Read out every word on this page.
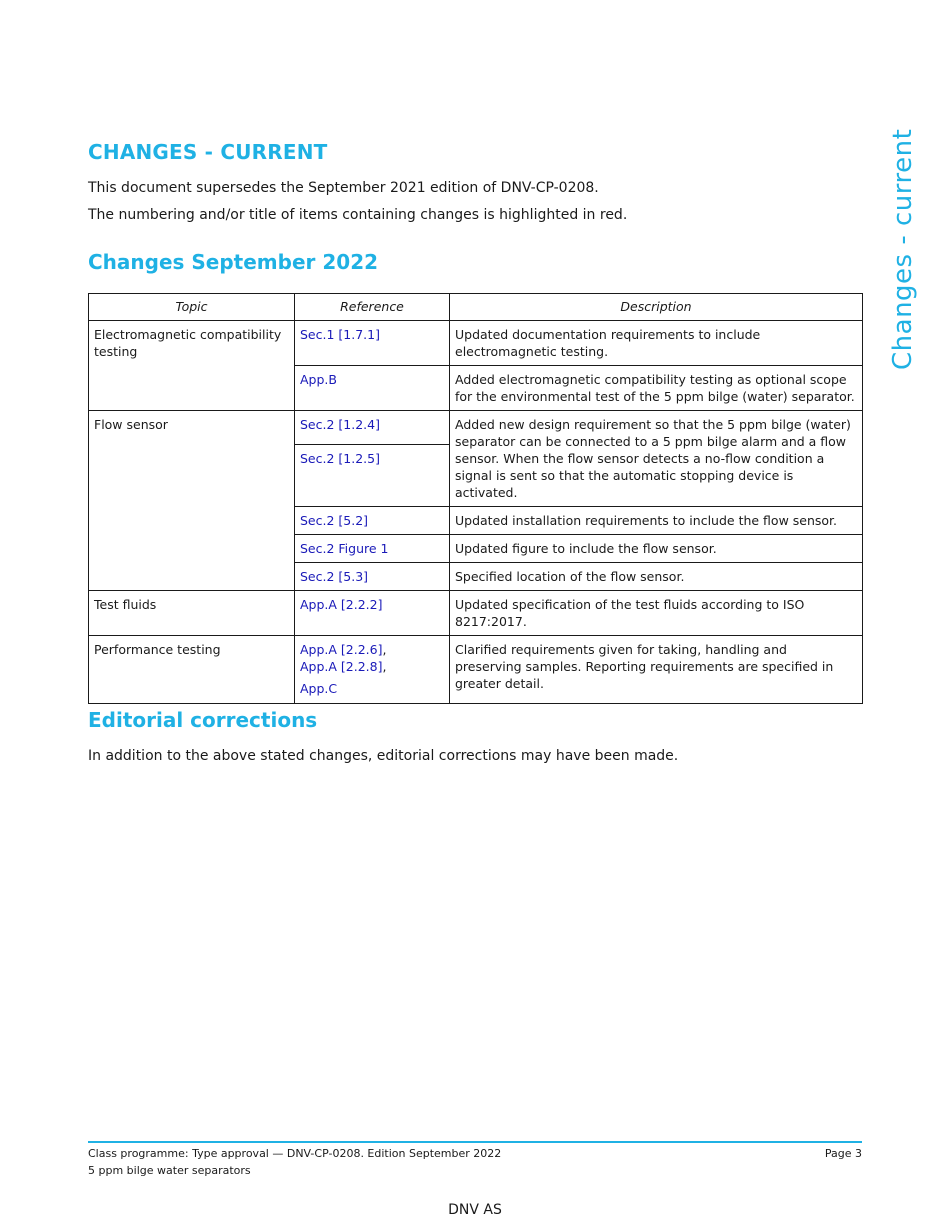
CHANGES - CURRENT	Changes - current

This document supersedes the September 2021 edition of DNV-CP-0208.

The numbering and/or title of items containing changes is highlighted in red.

Changes September 2022
Topic	Reference	Description
Electromagnetic compatibility testing	Sec.1 [1.7.1]	Updated documentation requirements to include electromagnetic testing.
	App.B	Added electromagnetic compatibility testing as optional scope for the environmental test of the 5 ppm bilge (water) separator.
Flow sensor	Sec.2 [1.2.4]	Added new design requirement so that the 5 ppm bilge (water) separator can be connected to a 5 ppm bilge alarm and a flow sensor. When the flow sensor detects a no-flow condition a signal is sent so that the automatic stopping device is activated.
	Sec.2 [1.2.5]	
	Sec.2 [5.2]	Updated installation requirements to include the flow sensor.
	Sec.2 Figure 1	Updated figure to include the flow sensor.
	Sec.2 [5.3]	Specified location of the flow sensor.
Test fluids	App.A [2.2.2]	Updated specification of the test fluids according to ISO 8217:2017.
Performance testing	App.A [2.2.6],
App.A [2.2.8],
App.C	Clarified requirements given for taking, handling and preserving samples. Reporting requirements are specified in greater detail.
Editorial corrections

In addition to the above stated changes, editorial corrections may have been made.

Class programme: Type approval — DNV-CP-0208. Edition September 2022

5 ppm bilge water separators

Page 3

DNV AS
